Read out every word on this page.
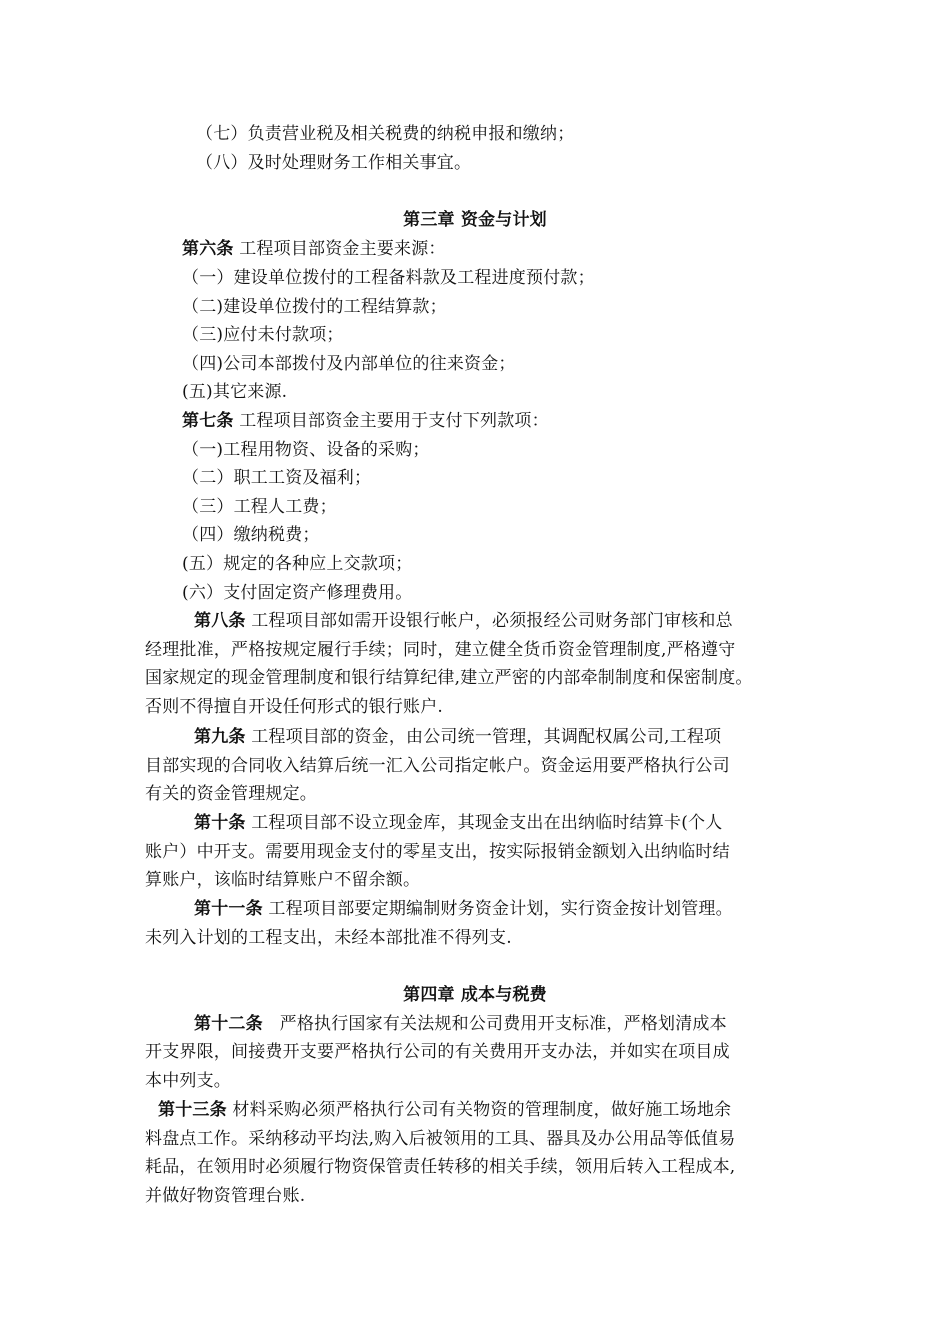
（七）负责营业税及相关税费的纳税申报和缴纳；
（八）及时处理财务工作相关事宜。
第三章 资金与计划
第六条 工程项目部资金主要来源：
（一）建设单位拨付的工程备料款及工程进度预付款；
（二)建设单位拨付的工程结算款；
（三)应付未付款项；
（四)公司本部拨付及内部单位的往来资金；
(五)其它来源.
第七条 工程项目部资金主要用于支付下列款项：
（一)工程用物资、设备的采购；
（二）职工工资及福利；
（三）工程人工费；
（四）缴纳税费；
(五）规定的各种应上交款项；
(六）支付固定资产修理费用。
第八条 工程项目部如需开设银行帐户，必须报经公司财务部门审核和总
经理批准，严格按规定履行手续；同时，建立健全货币资金管理制度,严格遵守
国家规定的现金管理制度和银行结算纪律,建立严密的内部牵制制度和保密制度。
否则不得擅自开设任何形式的银行账户.
第九条 工程项目部的资金，由公司统一管理，其调配权属公司,工程项
目部实现的合同收入结算后统一汇入公司指定帐户。资金运用要严格执行公司
有关的资金管理规定。
第十条 工程项目部不设立现金库，其现金支出在出纳临时结算卡(个人
账户）中开支。需要用现金支付的零星支出，按实际报销金额划入出纳临时结
算账户，该临时结算账户不留余额。
第十一条 工程项目部要定期编制财务资金计划，实行资金按计划管理。
未列入计划的工程支出，未经本部批准不得列支.
第四章 成本与税费
第十二条 严格执行国家有关法规和公司费用开支标准，严格划清成本
开支界限，间接费开支要严格执行公司的有关费用开支办法，并如实在项目成
本中列支。
第十三条 材料采购必须严格执行公司有关物资的管理制度，做好施工场地余
料盘点工作。采纳移动平均法,购入后被领用的工具、器具及办公用品等低值易
耗品，在领用时必须履行物资保管责任转移的相关手续，领用后转入工程成本,
并做好物资管理台账.
